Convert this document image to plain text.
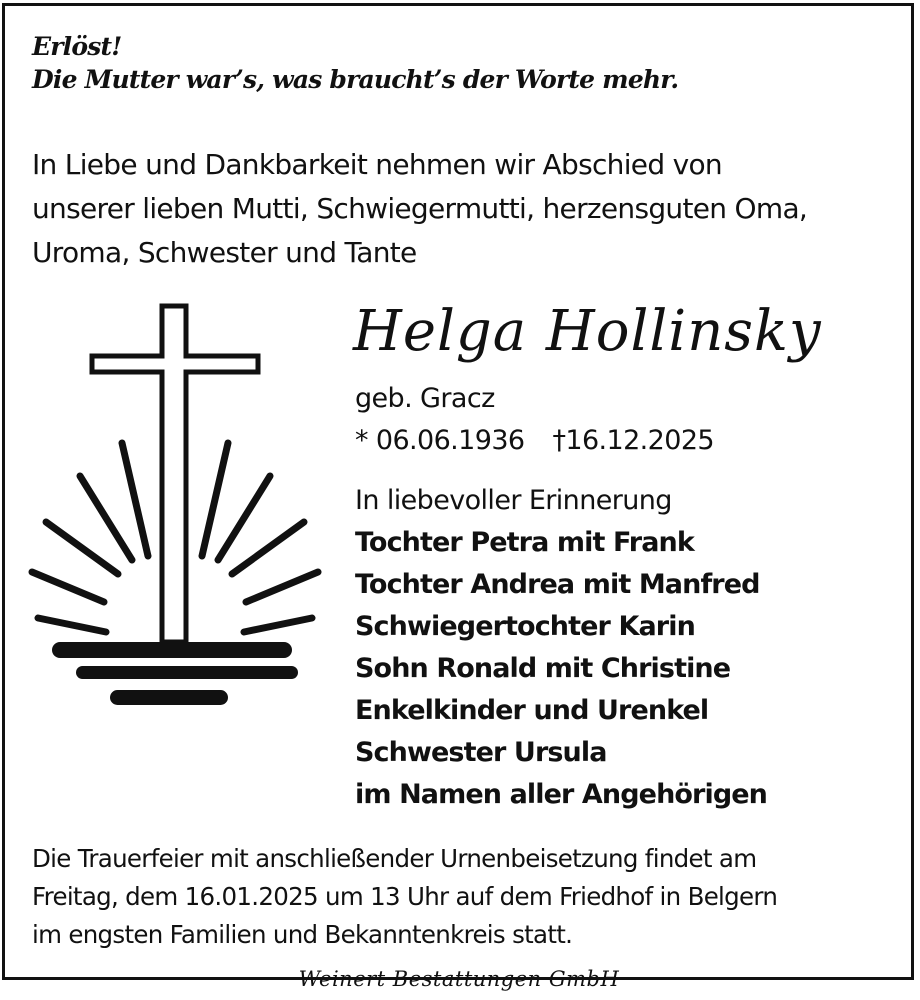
Erlöst!
Die Mutter war’s, was braucht’s der Worte mehr.
In Liebe und Dankbarkeit nehmen wir Abschied von
unserer lieben Mutti, Schwiegermutti, herzensguten Oma,
Uroma, Schwester und Tante
Helga Hollinsky
geb. Gracz
* 06.06.1936 †16.12.2025
In liebevoller Erinnerung
Tochter Petra mit Frank
Tochter Andrea mit Manfred
Schwiegertochter Karin
Sohn Ronald mit Christine
Enkelkinder und Urenkel
Schwester Ursula
im Namen aller Angehörigen
Die Trauerfeier mit anschließender Urnenbeisetzung findet am
Freitag, dem 16.01.2025 um 13 Uhr auf dem Friedhof in Belgern
im engsten Familien und Bekanntenkreis statt.
Weinert Bestattungen GmbH
